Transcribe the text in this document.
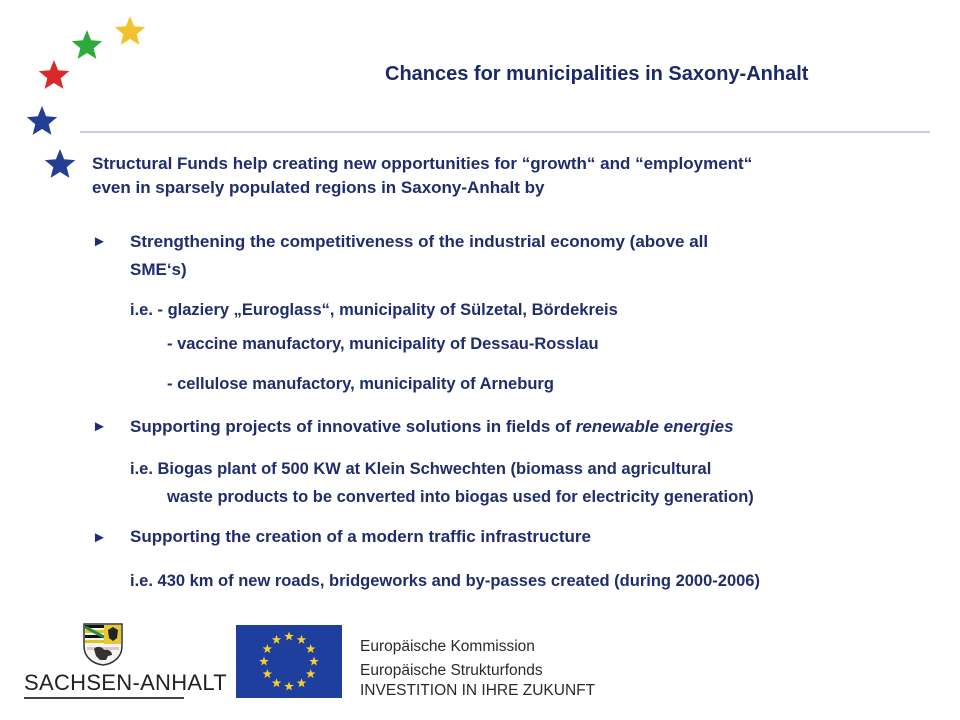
Chances for municipalities in Saxony-Anhalt
Structural Funds help creating new opportunities for “growth“ and “employment“
even in sparsely populated regions in Saxony-Anhalt by
► Strengthening the competitiveness of the industrial economy (above all
SME‘s)
i.e. - glaziery „Euroglass“, municipality of Sülzetal, Bördekreis
- vaccine manufactory, municipality of Dessau-Rosslau
- cellulose manufactory, municipality of Arneburg
► Supporting projects of innovative solutions in fields of renewable energies
i.e. Biogas plant of 500 KW at Klein Schwechten (biomass and agricultural
waste products to be converted into biogas used for electricity generation)
► Supporting the creation of a modern traffic infrastructure
i.e. 430 km of new roads, bridgeworks and by-passes created (during 2000-2006)
SACHSEN-ANHALT
Europäische Kommission
Europäische Strukturfonds
INVESTITION IN IHRE ZUKUNFT
